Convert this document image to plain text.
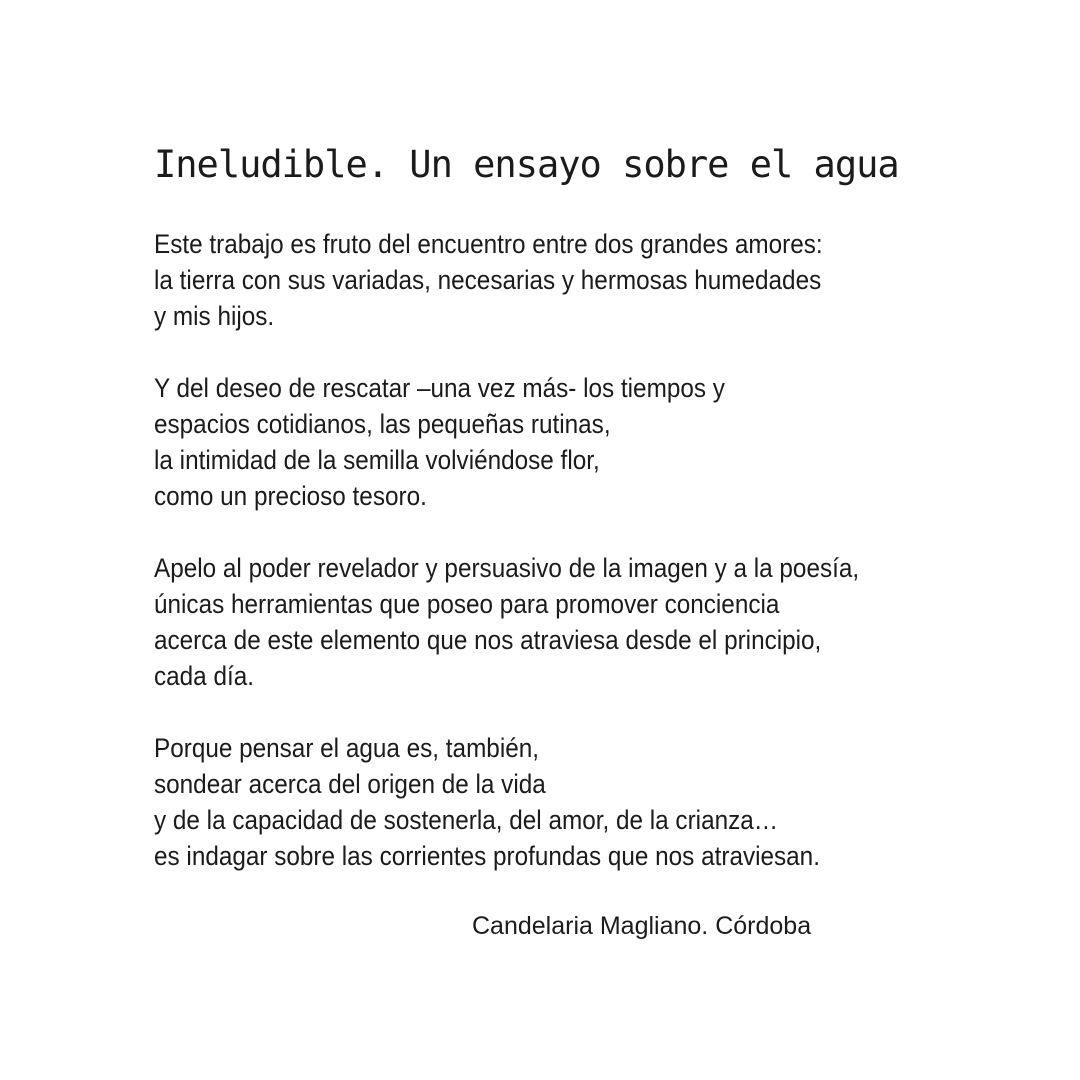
Ineludible. Un ensayo sobre el agua
Este trabajo es fruto del encuentro entre dos grandes amores:
la tierra con sus variadas, necesarias y hermosas humedades
y mis hijos.
Y del deseo de rescatar –una vez más- los tiempos y
espacios cotidianos, las pequeñas rutinas,
la intimidad de la semilla volviéndose flor,
como un precioso tesoro.
Apelo al poder revelador y persuasivo de la imagen y a la poesía,
únicas herramientas que poseo para promover conciencia
acerca de este elemento que nos atraviesa desde el principio,
cada día.
Porque pensar el agua es, también,
sondear acerca del origen de la vida
y de la capacidad de sostenerla, del amor, de la crianza…
es indagar sobre las corrientes profundas que nos atraviesan.
Candelaria Magliano. Córdoba
